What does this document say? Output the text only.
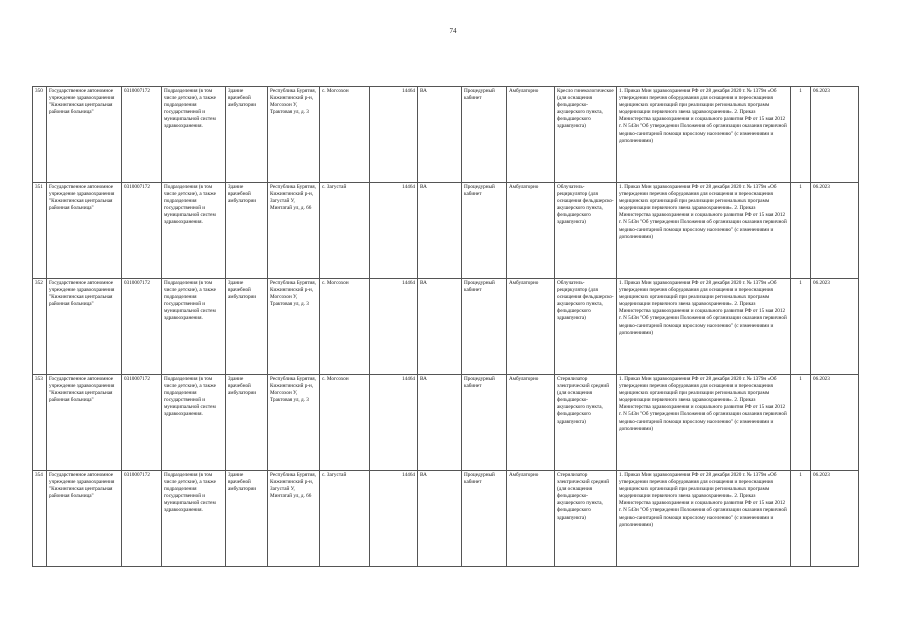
74
350	Государственное автономное учреждение здравоохранения "Кижингинская центральная районная больница"	0310007172	Подразделения (в том числе детские), а также подразделения государственной и муниципальной систем здравоохранения.	Здание врачебной амбулатории	Республика Бурятия, Кижингинский р-н, Могсохон У, Трактовая ул, д. 3	с. Могсохон	14464	ВА	Процедурный кабинет	Амбулаторно	Кресло гинекологическое (для оснащения фельдшерско-акушерского пункта, фельдшерского здравпункта)	1. Приказ Мин здравоохранения РФ от 28 декабря 2020 г. № 1379н «Об утверждении перечня оборудования для оснащения и переоснащения медицинских организаций при реализации региональных программ модернизации первичного звена здравоохранения». 2. Приказ Министерства здравоохранения и социального развития РФ от 15 мая 2012 г. N 543н "Об утверждении Положения об организации оказания первичной медико-санитарной помощи взрослому населению" (с изменениями и дополнениями)	1	06.2023
351	Государственное автономное учреждение здравоохранения "Кижингинская центральная районная больница"	0310007172	Подразделения (в том числе детские), а также подразделения государственной и муниципальной систем здравоохранения.	Здание врачебной амбулатории	Республика Бурятия, Кижингинский р-н, Загустай У, Минтатай ул, д. 66	с. Загустай	14464	ВА	Процедурный кабинет	Амбулаторно	Облучатель-рециркулятор (для оснащения фельдшерско-акушерского пункта, фельдшерского здравпункта)	1. Приказ Мин здравоохранения РФ от 28 декабря 2020 г. № 1379н «Об утверждении перечня оборудования для оснащения и переоснащения медицинских организаций при реализации региональных программ модернизации первичного звена здравоохранения». 2. Приказ Министерства здравоохранения и социального развития РФ от 15 мая 2012 г. N 543н "Об утверждении Положения об организации оказания первичной медико-санитарной помощи взрослому населению" (с изменениями и дополнениями)	1	06.2023
352	Государственное автономное учреждение здравоохранения "Кижингинская центральная районная больница"	0310007172	Подразделения (в том числе детские), а также подразделения государственной и муниципальной систем здравоохранения.	Здание врачебной амбулатории	Республика Бурятия, Кижингинский р-н, Могсохон У, Трактовая ул, д. 3	с. Могсохон	14464	ВА	Процедурный кабинет	Амбулаторно	Облучатель-рециркулятор (для оснащения фельдшерско-акушерского пункта, фельдшерского здравпункта)	1. Приказ Мин здравоохранения РФ от 28 декабря 2020 г. № 1379н «Об утверждении перечня оборудования для оснащения и переоснащения медицинских организаций при реализации региональных программ модернизации первичного звена здравоохранения». 2. Приказ Министерства здравоохранения и социального развития РФ от 15 мая 2012 г. N 543н "Об утверждении Положения об организации оказания первичной медико-санитарной помощи взрослому населению" (с изменениями и дополнениями)	1	06.2023
353	Государственное автономное учреждение здравоохранения "Кижингинская центральная районная больница"	0310007172	Подразделения (в том числе детские), а также подразделения государственной и муниципальной систем здравоохранения.	Здание врачебной амбулатории	Республика Бурятия, Кижингинский р-н, Могсохон У, Трактовая ул, д. 3	с. Могсохон	14464	ВА	Процедурный кабинет	Амбулаторно	Стерилизатор электрический средний (для оснащения фельдшерско-акушерского пункта, фельдшерского здравпункта)	1. Приказ Мин здравоохранения РФ от 28 декабря 2020 г. № 1379н «Об утверждении перечня оборудования для оснащения и переоснащения медицинских организаций при реализации региональных программ модернизации первичного звена здравоохранения». 2. Приказ Министерства здравоохранения и социального развития РФ от 15 мая 2012 г. N 543н "Об утверждении Положения об организации оказания первичной медико-санитарной помощи взрослому населению" (с изменениями и дополнениями)	1	06.2023
354	Государственное автономное учреждение здравоохранения "Кижингинская центральная районная больница"	0310007172	Подразделения (в том числе детские), а также подразделения государственной и муниципальной систем здравоохранения.	Здание врачебной амбулатории	Республика Бурятия, Кижингинский р-н, Загустай У, Минтатай ул, д. 66	с. Загустай	14464	ВА	Процедурный кабинет	Амбулаторно	Стерилизатор электрический средний (для оснащения фельдшерско-акушерского пункта, фельдшерского здравпункта)	1. Приказ Мин здравоохранения РФ от 28 декабря 2020 г. № 1379н «Об утверждении перечня оборудования для оснащения и переоснащения медицинских организаций при реализации региональных программ модернизации первичного звена здравоохранения». 2. Приказ Министерства здравоохранения и социального развития РФ от 15 мая 2012 г. N 543н "Об утверждении Положения об организации оказания первичной медико-санитарной помощи взрослому населению" (с изменениями и дополнениями)	1	06.2023
